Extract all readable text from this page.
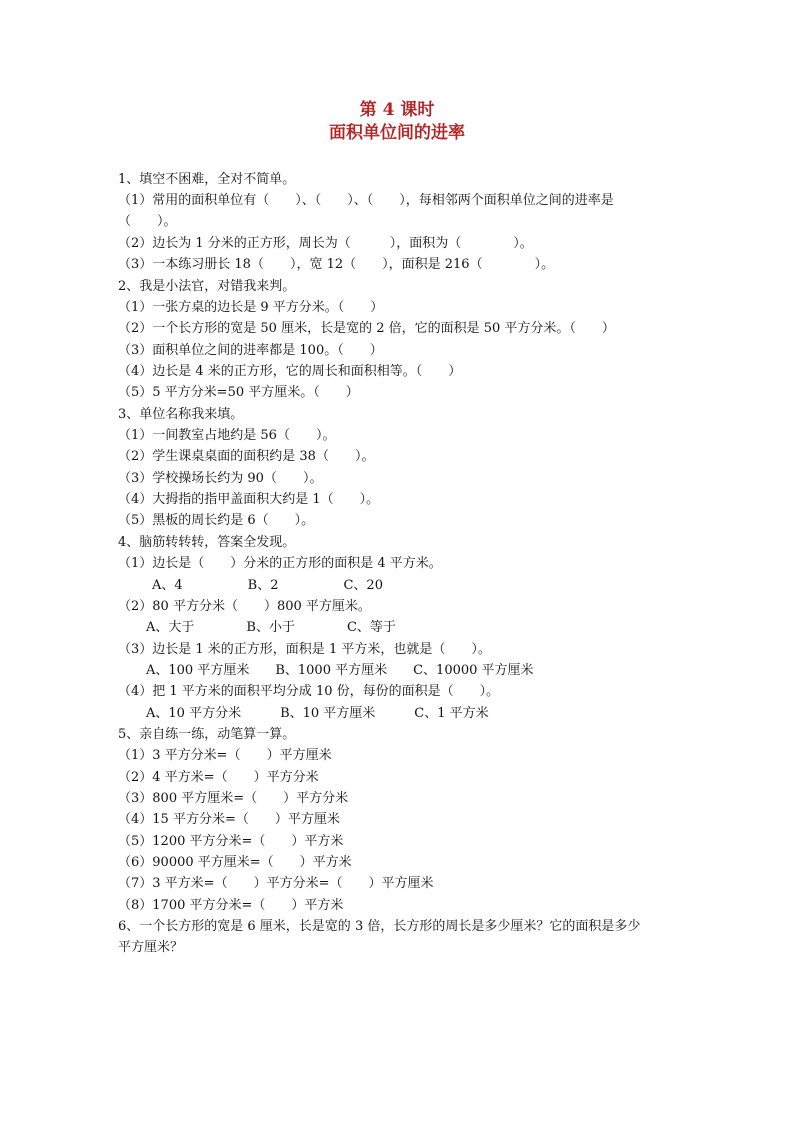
第 4 课时
面积单位间的进率
1、填空不困难，全对不简单。
（1）常用的面积单位有（　　）、（　　）、（　　），每相邻两个面积单位之间的进率是
（　　）。
（2）边长为 1 分米的正方形，周长为（　　　），面积为（　　　　）。
（3）一本练习册长 18（　　），宽 12（　　），面积是 216（　　　　）。
2、我是小法官，对错我来判。
（1）一张方桌的边长是 9 平方分米。（　　）
（2）一个长方形的宽是 50 厘米，长是宽的 2 倍，它的面积是 50 平方分米。（　　）
（3）面积单位之间的进率都是 100。（　　）
（4）边长是 4 米的正方形，它的周长和面积相等。（　　）
（5）5 平方分米=50 平方厘米。（　　）
3、单位名称我来填。
（1）一间教室占地约是 56（　　）。
（2）学生课桌桌面的面积约是 38（　　）。
（3）学校操场长约为 90（　　）。
（4）大拇指的指甲盖面积大约是 1（　　）。
（5）黑板的周长约是 6（　　）。
4、脑筋转转转，答案全发现。
（1）边长是（　　）分米的正方形的面积是 4 平方米。
A、4　　　　　B、2　　　　　C、20
（2）80 平方分米（　　）800 平方厘米。
A、大于　　　　B、小于　　　　C、等于
（3）边长是 1 米的正方形，面积是 1 平方米，也就是（　　）。
A、100 平方厘米　　B、1000 平方厘米　　C、10000 平方厘米
（4）把 1 平方米的面积平均分成 10 份，每份的面积是（　　）。
A、10 平方分米　　　B、10 平方厘米　　　C、1 平方米
5、亲自练一练，动笔算一算。
（1）3 平方分米=（　　）平方厘米
（2）4 平方米=（　　）平方分米
（3）800 平方厘米=（　　）平方分米
（4）15 平方分米=（　　）平方厘米
（5）1200 平方分米=（　　）平方米
（6）90000 平方厘米=（　　）平方米
（7）3 平方米=（　　）平方分米=（　　）平方厘米
（8）1700 平方分米=（　　）平方米
6、一个长方形的宽是 6 厘米，长是宽的 3 倍，长方形的周长是多少厘米？它的面积是多少
平方厘米？
